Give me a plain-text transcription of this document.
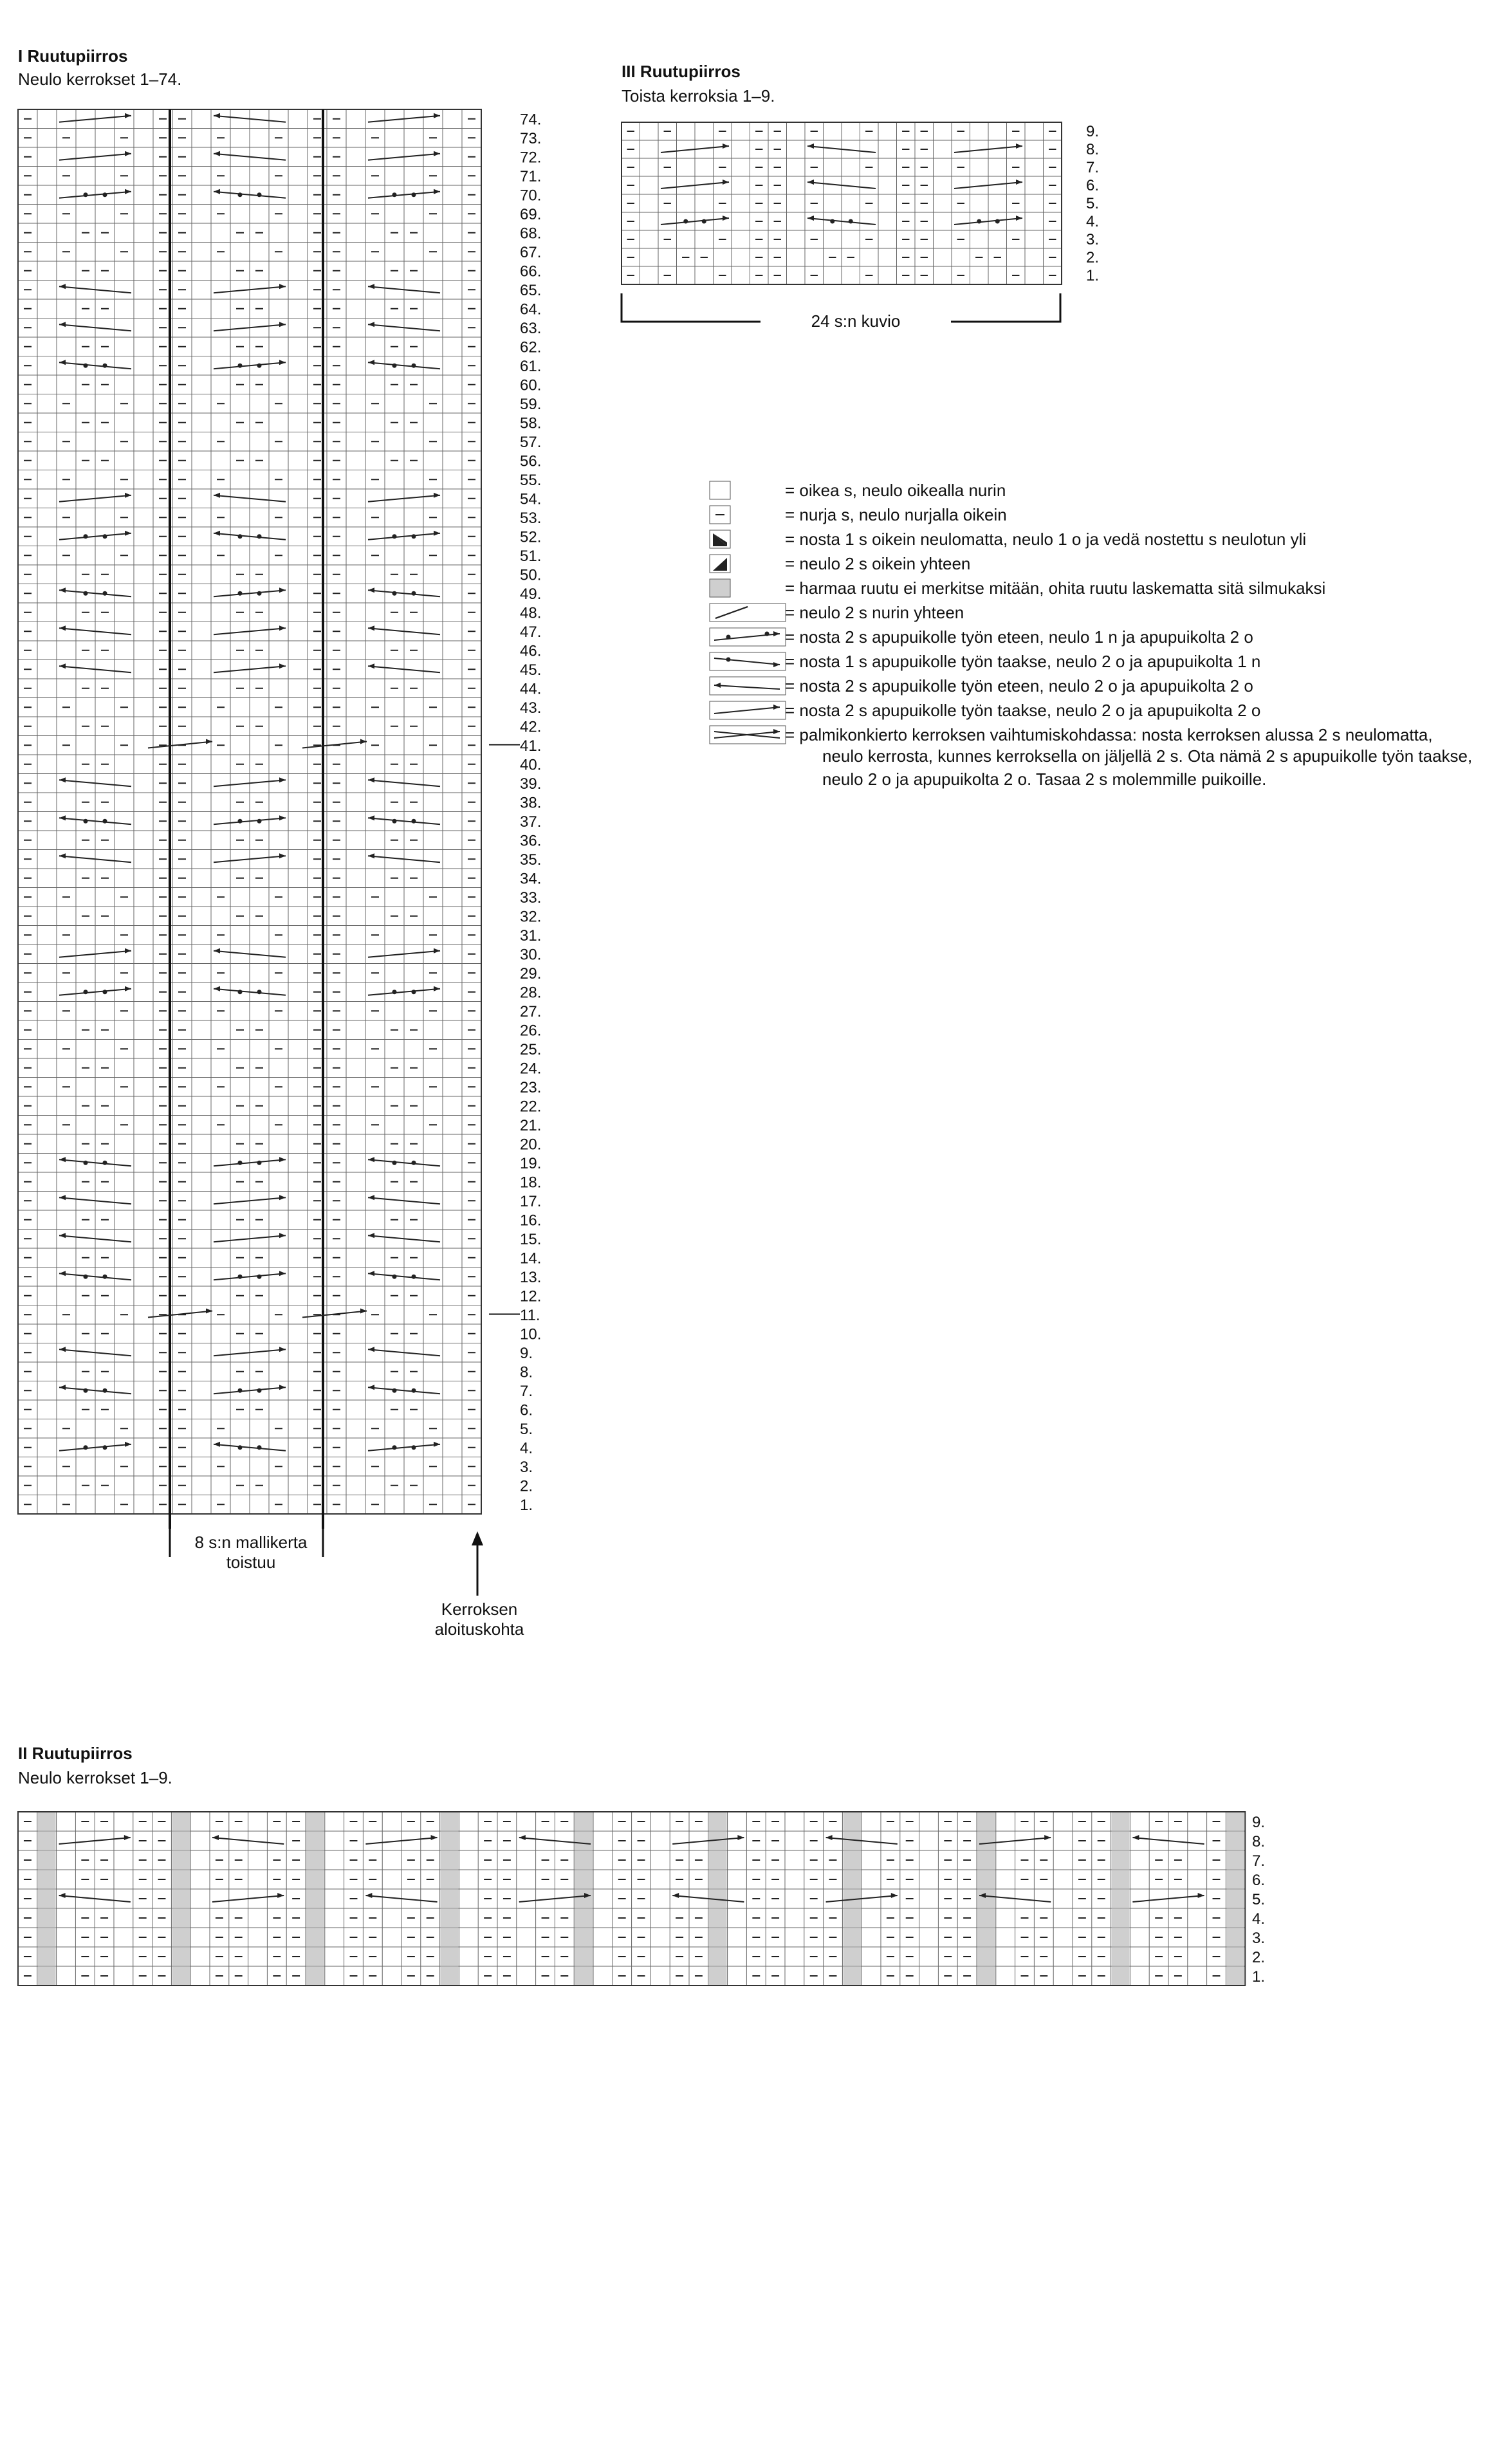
I Ruutupiirros
Neulo kerrokset 1–74.	III Ruutupiirros
Toista kerroksia 1–9.
II Ruutupiirros
Neulo kerrokset 1–9.
8 s:n mallikerta
toistuu
Kerroksen
aloituskohta
24 s:n kuvio
= oikea s, neulo oikealla nurin
= nurja s, neulo nurjalla oikein
= nosta 1 s oikein neulomatta, neulo 1 o ja vedä nostettu s neulotun yli
= neulo 2 s oikein yhteen
= harmaa ruutu ei merkitse mitään, ohita ruutu laskematta sitä silmukaksi
= neulo 2 s nurin yhteen
= nosta 2 s apupuikolle työn eteen, neulo 1 n ja apupuikolta 2 o
= nosta 1 s apupuikolle työn taakse, neulo 2 o ja apupuikolta 1 n
= nosta 2 s apupuikolle työn eteen, neulo 2 o ja apupuikolta 2 o
= nosta 2 s apupuikolle työn taakse, neulo 2 o ja apupuikolta 2 o
= palmikonkierto kerroksen vaihtumiskohdassa: nosta kerroksen alussa 2 s neulomatta,
neulo kerrosta, kunnes kerroksella on jäljellä 2 s. Ota nämä 2 s apupuikolle työn taakse,
neulo 2 o ja apupuikolta 2 o. Tasaa 2 s molemmille puikoille.
74.
73.
72.
71.
70.
69.
68.
67.
66.
65.
64.
63.
62.
61.
60.
59.
58.
57.
56.
55.
54.
53.
52.
51.
50.
49.
48.
47.
46.
45.
44.
43.
42.
41.
40.
39.
38.
37.
36.
35.
34.
33.
32.
31.
30.
29.
28.
27.
26.
25.
24.
23.
22.
21.
20.
19.
18.
17.
16.
15.
14.
13.
12.
11.
10.
9.
8.
7.
6.
5.
4.
3.
2.
1.
9.
8.
7.
6.
5.
4.
3.
2.
1.
9.
8.
7.
6.
5.
4.
3.
2.
1.
